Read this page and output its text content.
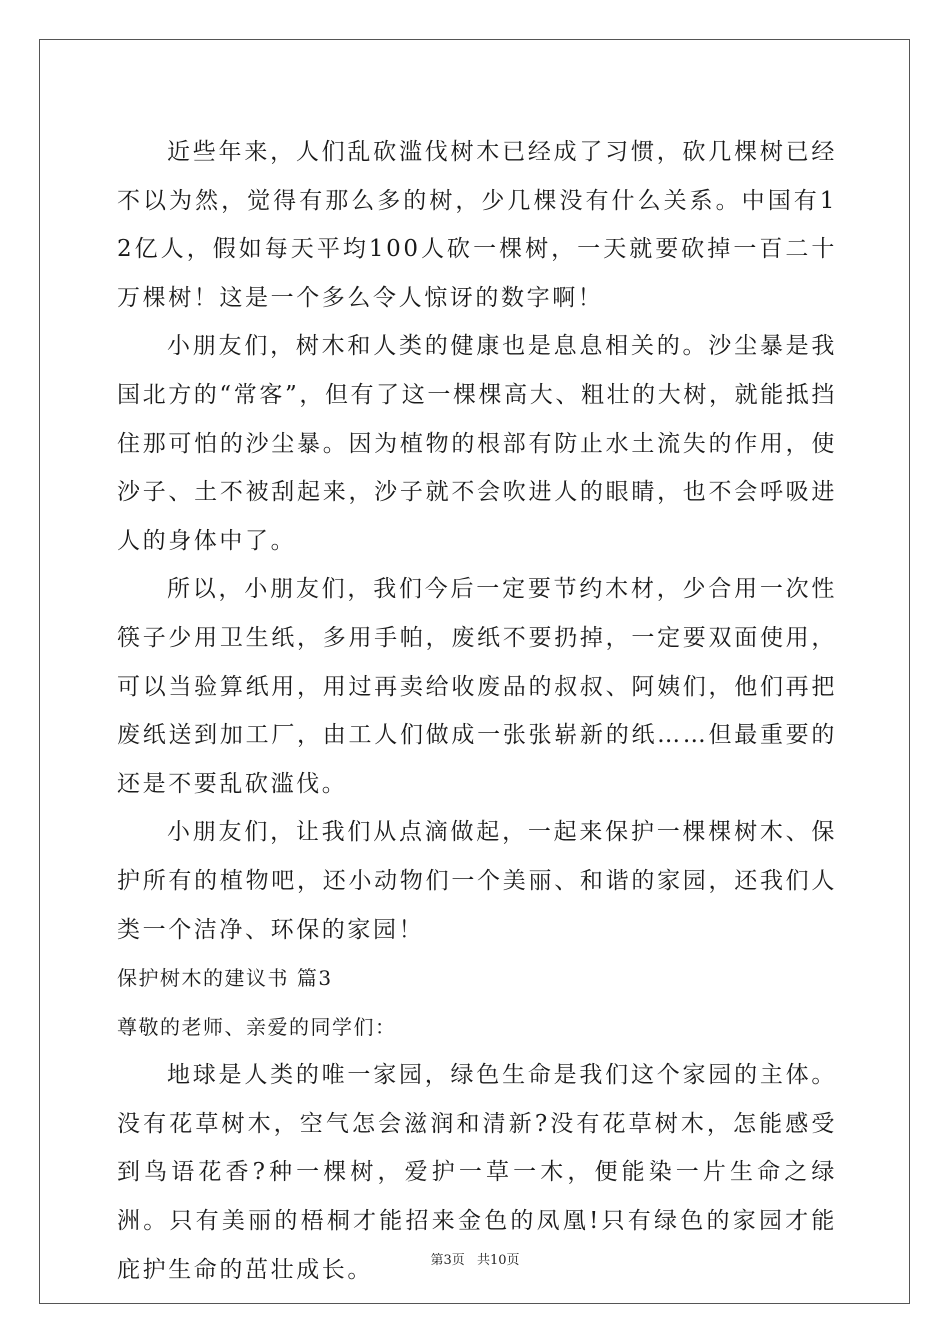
近些年来，人们乱砍滥伐树木已经成了习惯，砍几棵树已经不以为然，觉得有那么多的树，少几棵没有什么关系。中国有12亿人，假如每天平均100人砍一棵树，一天就要砍掉一百二十万棵树！这是一个多么令人惊讶的数字啊！

小朋友们，树木和人类的健康也是息息相关的。沙尘暴是我国北方的“常客”，但有了这一棵棵高大、粗壮的大树，就能抵挡住那可怕的沙尘暴。因为植物的根部有防止水土流失的作用，使沙子、土不被刮起来，沙子就不会吹进人的眼睛，也不会呼吸进人的身体中了。

所以，小朋友们，我们今后一定要节约木材，少合用一次性筷子少用卫生纸，多用手帕，废纸不要扔掉，一定要双面使用，可以当验算纸用，用过再卖给收废品的叔叔、阿姨们，他们再把废纸送到加工厂，由工人们做成一张张崭新的纸……但最重要的还是不要乱砍滥伐。

小朋友们，让我们从点滴做起，一起来保护一棵棵树木、保护所有的植物吧，还小动物们一个美丽、和谐的家园，还我们人类一个洁净、环保的家园！

保护树木的建议书 篇3

尊敬的老师、亲爱的同学们：

地球是人类的唯一家园，绿色生命是我们这个家园的主体。没有花草树木，空气怎会滋润和清新?没有花草树木，怎能感受到鸟语花香?种一棵树，爱护一草一木，便能染一片生命之绿洲。只有美丽的梧桐才能招来金色的凤凰!只有绿色的家园才能庇护生命的茁壮成长。	第3页 共10页
